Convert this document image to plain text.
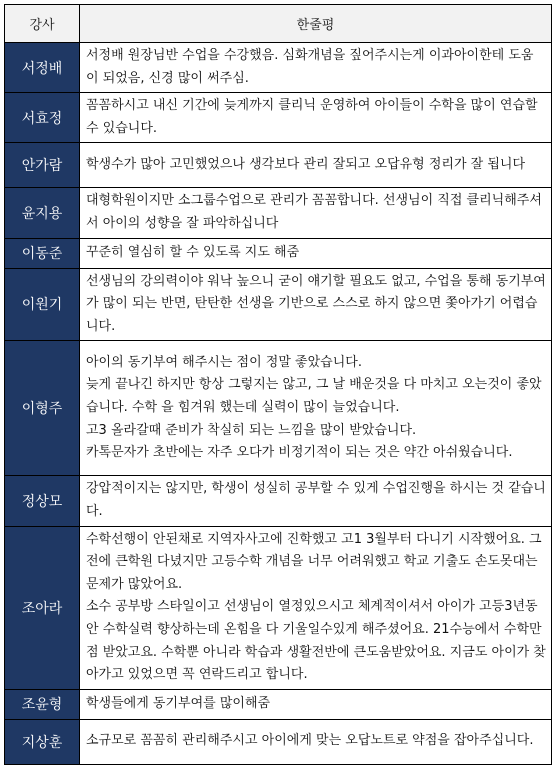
강사	한줄평
서정배	서정배 원장님반 수업을 수강했음. 심화개념을 짚어주시는게 이과아이한테 도움이 되었음, 신경 많이 써주심.

서효정	꼼꼼하시고 내신 기간에 늦게까지 클리닉 운영하여 아이들이 수학을 많이 연습할 수 있습니다.

안가람	학생수가 많아 고민했었으나 생각보다 관리 잘되고 오답유형 정리가 잘 됩니다

윤지용	대형학원이지만 소그룹수업으로 관리가 꼼꼼합니다. 선생님이 직접 클리닉해주셔서 아이의 성향을 잘 파악하십니다

이동준	꾸준히 열심히 할 수 있도록 지도 해줌

이원기	선생님의 강의력이야 워낙 높으니 굳이 얘기할 필요도 없고, 수업을 통해 동기부여가 많이 되는 반면, 탄탄한 선생을 기반으로 스스로 하지 않으면 쫓아가기 어렵습니다.

이형주	아이의 동기부여 해주시는 점이 정말 좋았습니다.

늦게 끝나긴 하지만 항상 그렇지는 않고, 그 날 배운것을 다 마치고 오는것이 좋았습니다. 수학 을 힘겨워 했는데 실력이 많이 늘었습니다.

고3 올라갈때 준비가 착실히 되는 느낌을 많이 받았습니다.

카톡문자가 초반에는 자주 오다가 비정기적이 되는 것은 약간 아쉬웠습니다.

정상모	강압적이지는 않지만, 학생이 성실히 공부할 수 있게 수업진행을 하시는 것 같습니다.

조아라	수학선행이 안된채로 지역자사고에 진학했고 고1 3월부터 다니기 시작했어요. 그전에 큰학원 다녔지만 고등수학 개념을 너무 어려워했고 학교 기출도 손도못대는 문제가 많았어요.

소수 공부방 스타일이고 선생님이 열정있으시고 체계적이셔서 아이가 고등3년동안 수학실력 향상하는데 온힘을 다 기울일수있게 해주셨어요. 21수능에서 수학만점 받았고요. 수학뿐 아니라 학습과 생활전반에 큰도움받았어요. 지금도 아이가 찾아가고 있었으면 꼭 연락드리고 합니다.

조윤형	학생들에게 동기부여를 많이해줌

지상훈	소규모로 꼼꼼히 관리해주시고 아이에게 맞는 오답노트로 약점을 잡아주십니다.
